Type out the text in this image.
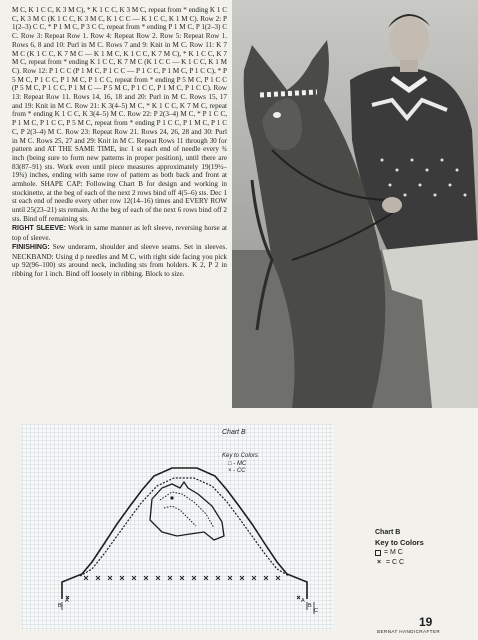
M C, K 1 C C, K 3 M C), * K 1 C C, K 3 M C, repeat from * ending K 1 C C, K 3 M C (K 1 C C, K 3 M C, K 1 C C — K 1 C C, K 1 M C). Row 2: P 1(2–3) C C, * P 1 M C, P 3 C C, repeat from * ending P 1 M C, P 1(2–3) C C. Row 3: Repeat Row 1. Row 4: Repeat Row 2. Row 5: Repeat Row 1. Rows 6, 8 and 10: Purl in M C. Rows 7 and 9: Knit in M C. Row 11: K 7 M C (K 1 C C, K 7 M C — K 1 M C, K 1 C C, K 7 M C), * K 1 C C, K 7 M C, repeat from * ending K 1 C C, K 7 M C (K 1 C C — K 1 C C, K 1 M C). Row 12: P 1 C C (P 1 M C, P 1 C C — P 1 C C, P 1 M C, P 1 C C), * P 5 M C, P 1 C C, P 1 M C, P 1 C C, repeat from * ending P 5 M C, P 1 C C (P 5 M C, P 1 C C, P 1 M C — P 5 M C, P 1 C C, P 1 M C, P 1 C C). Row 13: Repeat Row 11. Rows 14, 16, 18 and 20: Purl in M C. Rows 15, 17 and 19: Knit in M C. Row 21: K 3(4–5) M C, * K 1 C C, K 7 M C, repeat from * ending K 1 C C, K 3(4–5) M C. Row 22: P 2(3–4) M C, * P 1 C C, P 1 M C, P 1 C C, P 5 M C, repeat from * ending P 1 C C, P 1 M C, P 1 C C, P 2(3–4) M C. Row 23: Repeat Row 21. Rows 24, 26, 28 and 30: Purl in M C. Rows 25, 27 and 29: Knit in M C. Repeat Rows 11 through 30 for pattern and AT THE SAME TIME, inc 1 st each end of needle every ¾ inch (being sure to form new patterns in proper position), until there are 83(87–91) sts. Work even until piece measures approximately 19(19½–19¾) inches, ending with same row of pattern as both back and front at armhole. SHAPE CAP: Following Chart B for design and working in stockinette, at the beg of each of the next 2 rows bind off 4(5–6) sts. Dec 1 st each end of needle every other row 12(14–16) times and EVERY ROW until 25(23–21) sts remain. At the beg of each of the next 6 rows bind off 2 sts. Bind off remaining sts.

RIGHT SLEEVE: Work in same manner as left sleeve, reversing horse at top of sleeve.

FINISHING: Sew underarm, shoulder and sleeve seams. Set in sleeves. NECKBAND: Using d p needles and M C, with right side facing you pick up 92(96–100) sts around neck, including sts from holders. K 2, P 2 in ribbing for 1 inch. Bind off loosely in ribbing. Block to size.

Chart B
Key to Colors
□ - MC
× - CC
B
A	A
B
C
Chart B
Key to Colors
= M C
× = C C
19
BERNAT HANDICRAFTER
